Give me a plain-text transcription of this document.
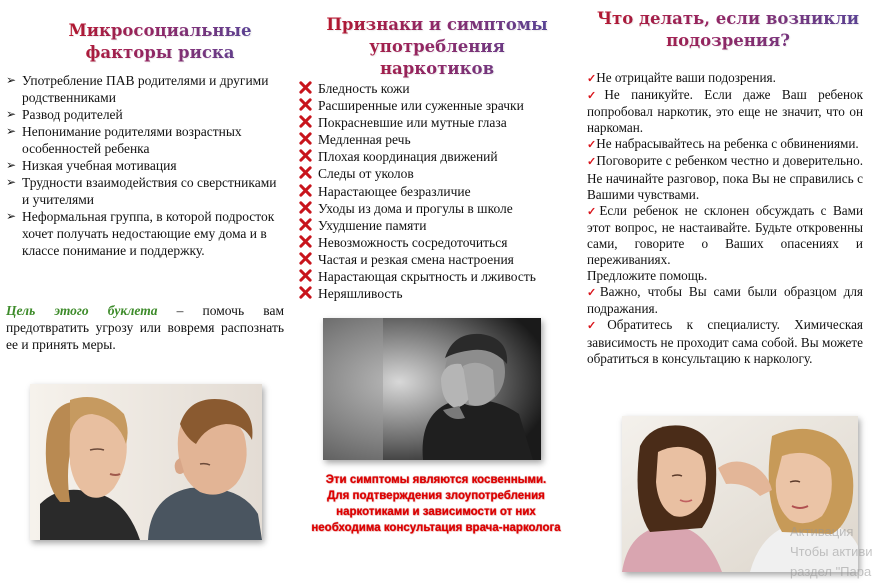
Микросоциальные
факторы риска
➢ Употребление ПАВ родителями и другими родственниками
➢ Развод родителей
➢ Непонимание родителями возрастных особенностей ребенка
➢ Низкая учебная мотивация
➢ Трудности взаимодействия со сверстниками и учителями
➢ Неформальная группа, в которой подросток хочет получать недостающие ему дома и в классе понимание и поддержку.

Цель этого буклета – помочь вам предотвратить угрозу или вовремя распознать ее и принять меры.

Признаки и симптомы
употребления наркотиков
Бледность кожи
Расширенные или суженные зрачки
Покрасневшие или мутные глаза
Медленная речь
Плохая координация движений
Следы от уколов
Нарастающее безразличие
Уходы из дома и прогулы в школе
Ухудшение памяти
Невозможность сосредоточиться
Частая и резкая смена настроения
Нарастающая скрытность и лживость
Неряшливость
Эти симптомы являются косвенными.
Для подтверждения злоупотребления
наркотиками и зависимости от них
необходима консультация врача-нарколога
Что делать, если возникли
подозрения?

✓Не отрицайте ваши подозрения.

✓Не паникуйте. Если даже Ваш ребенок попробовал наркотик, это еще не значит, что он наркоман.

✓Не набрасывайтесь на ребенка с обвинениями.

✓Поговорите с ребенком честно и доверительно. Не начинайте разговор, пока Вы не справились с Вашими чувствами.

✓Если ребенок не склонен обсуждать с Вами этот вопрос, не настаивайте. Будьте откровенны сами, говорите о Ваших опасениях и переживаниях.

Предложите помощь.

✓Важно, чтобы Вы сами были образцом для подражания.

✓Обратитесь к специалисту. Химическая зависимость не проходит сама собой. Вы можете обратиться в консультацию к наркологу.

Активация
Чтобы активи
раздел "Пара
